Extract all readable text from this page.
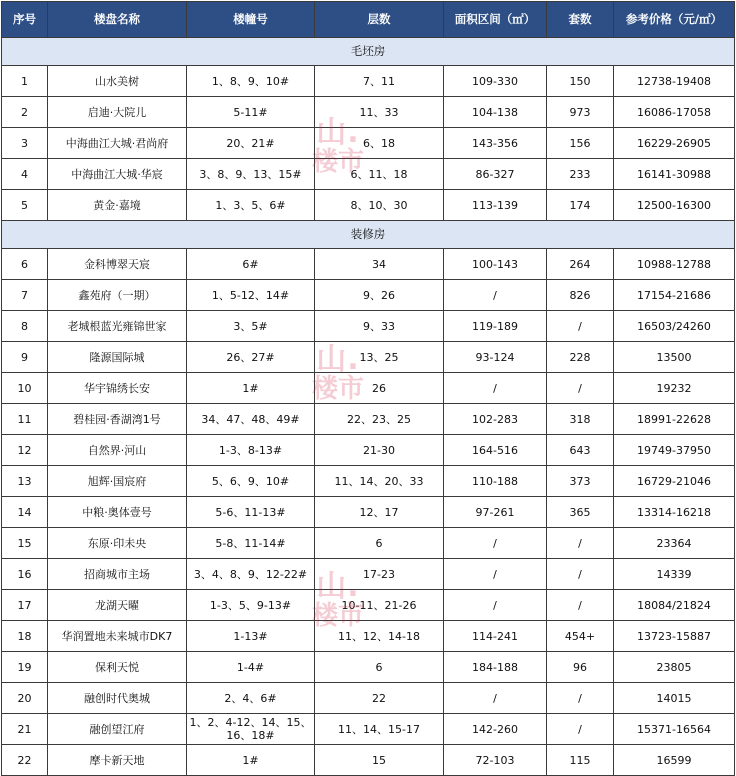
序号	楼盘名称	楼幢号	层数	面积区间（㎡）	套数	参考价格（元/㎡）
毛坯房						
1	山水美树	1、8、9、10#	7、11	109-330	150	12738-19408
2	启迪·大院儿	5-11#	11、33	104-138	973	16086-17058
3	中海曲江大城·君尚府	20、21#	6、18	143-356	156	16229-26905
4	中海曲江大城·华宸	3、8、9、13、15#	6、11、18	86-327	233	16141-30988
5	黄金·嘉境	1、3、5、6#	8、10、30	113-139	174	12500-16300
装修房						
6	金科博翠天宸	6#	34	100-143	264	10988-12788
7	鑫苑府（一期）	1、5-12、14#	9、26	/	826	17154-21686
8	老城根蓝光雍锦世家	3、5#	9、33	119-189	/	16503/24260
9	隆源国际城	26、27#	13、25	93-124	228	13500
10	华宇锦绣长安	1#	26	/	/	19232
11	碧桂园·香湖湾1号	34、47、48、49#	22、23、25	102-283	318	18991-22628
12	自然界·河山	1-3、8-13#	21-30	164-516	643	19749-37950
13	旭辉·国宸府	5、6、9、10#	11、14、20、33	110-188	373	16729-21046
14	中粮·奥体壹号	5-6、11-13#	12、17	97-261	365	13314-16218
15	东原·印未央	5-8、11-14#	6	/	/	23364
16	招商城市主场	3、4、8、9、12-22#	17-23	/	/	14339
17	龙湖天曜	1-3、5、9-13#	10-11、21-26	/	/	18084/21824
18	华润置地未来城市DK7	1-13#	11、12、14-18	114-241	454+	13723-15887
19	保利天悦	1-4#	6	184-188	96	23805
20	融创时代奥城	2、4、6#	22	/	/	14015
21	融创望江府	1、2、4-12、14、15、16、18#	11、14、15-17	142-260	/	15371-16564
22	摩卡新天地	1#	15	72-103	115	16599
山.
楼市
山.
楼市
山.
楼市
